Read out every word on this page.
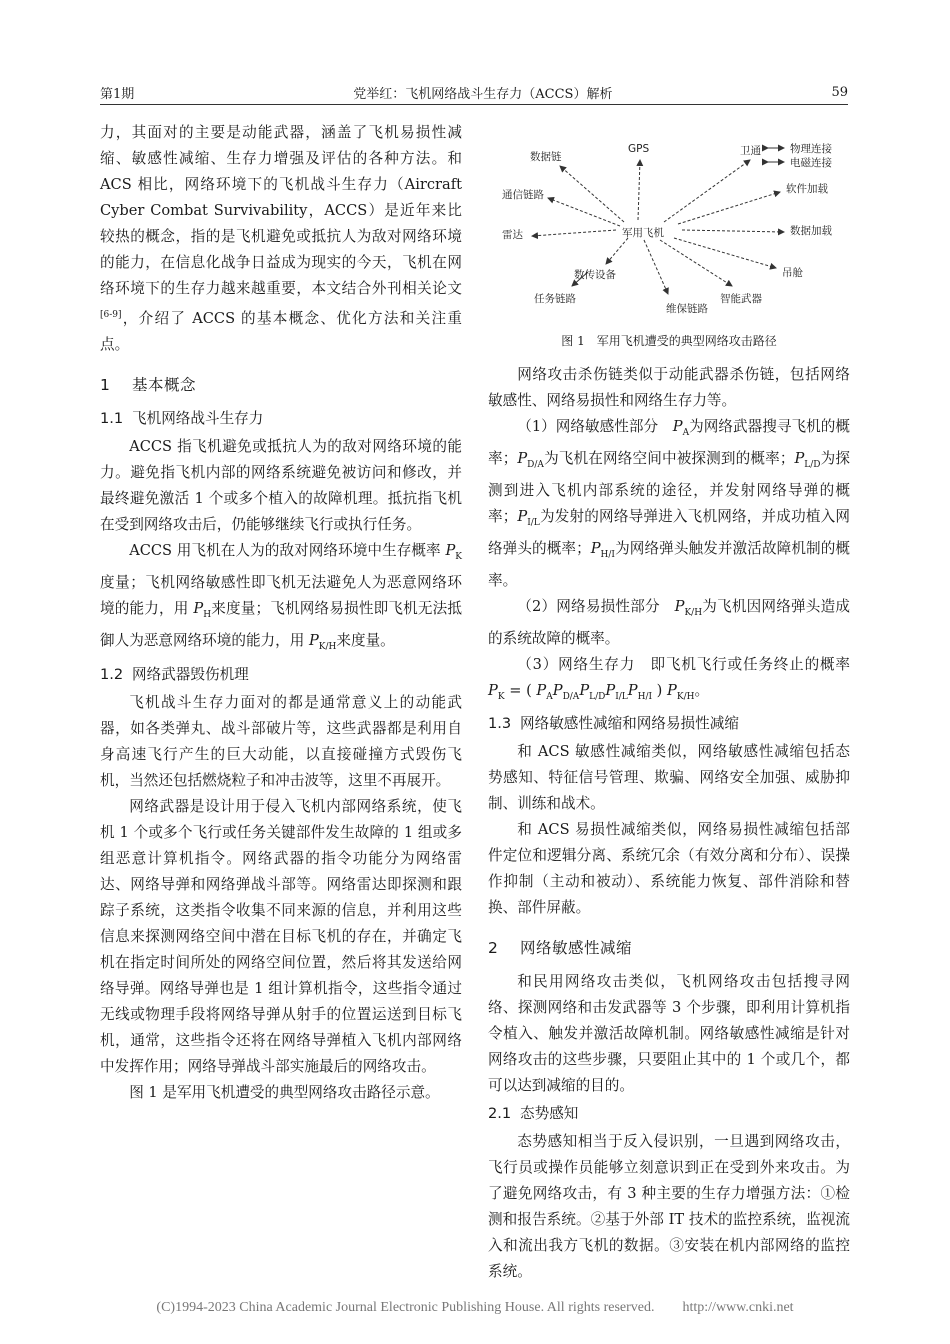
第1期	党举红：飞机网络战斗生存力（ACCS）解析	59

力，其面对的主要是动能武器，涵盖了飞机易损性减缩、敏感性减缩、生存力增强及评估的各种方法。和 ACS 相比，网络环境下的飞机战斗生存力（Aircraft Cyber Combat Survivability，ACCS）是近年来比较热的概念，指的是飞机避免或抵抗人为敌对网络环境的能力，在信息化战争日益成为现实的今天，飞机在网络环境下的生存力越来越重要，本文结合外刊相关论文[6-9]，介绍了 ACCS 的基本概念、优化方法和关注重点。

1 基本概念
1.1 飞机网络战斗生存力

ACCS 指飞机避免或抵抗人为的敌对网络环境的能力。避免指飞机内部的网络系统避免被访问和修改，并最终避免激活 1 个或多个植入的故障机理。抵抗指飞机在受到网络攻击后，仍能够继续飞行或执行任务。

ACCS 用飞机在人为的敌对网络环境中生存概率 $P_K$度量；飞机网络敏感性即飞机无法避免人为恶意网络环境的能力，用 $P_H$来度量；飞机网络易损性即飞机无法抵御人为恶意网络环境的能力，用 $P_{K/H}$来度量。

1.2 网络武器毁伤机理

飞机战斗生存力面对的都是通常意义上的动能武器，如各类弹丸、战斗部破片等，这些武器都是利用自身高速飞行产生的巨大动能，以直接碰撞方式毁伤飞机，当然还包括燃烧粒子和冲击波等，这里不再展开。

网络武器是设计用于侵入飞机内部网络系统，使飞机 1 个或多个飞行或任务关键部件发生故障的 1 组或多组恶意计算机指令。网络武器的指令功能分为网络雷达、网络导弹和网络弹战斗部等。网络雷达即探测和跟踪子系统，这类指令收集不同来源的信息，并利用这些信息来探测网络空间中潜在目标飞机的存在，并确定飞机在指定时间所处的网络空间位置，然后将其发送给网络导弹。网络导弹也是 1 组计算机指令，这些指令通过无线或物理手段将网络导弹从射手的位置运送到目标飞机，通常，这些指令还将在网络导弹植入飞机内部网络中发挥作用；网络导弹战斗部实施最后的网络攻击。

图 1 是军用飞机遭受的典型网络攻击路径示意。

军用飞机
GPS
数据链	卫通	物理连接
电磁连接
通信链路	软件加载
雷达	数据加载
数传设备	吊舱
任务链路
维保链路
智能武器
图 1　军用飞机遭受的典型网络攻击路径

网络攻击杀伤链类似于动能武器杀伤链，包括网络敏感性、网络易损性和网络生存力等。

（1）网络敏感性部分　$P_A$为网络武器搜寻飞机的概率；$P_{D/A}$为飞机在网络空间中被探测到的概率；$P_{L/D}$为探测到进入飞机内部系统的途径，并发射网络导弹的概率；$P_{I/L}$为发射的网络导弹进入飞机网络，并成功植入网络弹头的概率；$P_{H/I}$为网络弹头触发并激活故障机制的概率。

（2）网络易损性部分　$P_{K/H}$为飞机因网络弹头造成的系统故障的概率。

（3）网络生存力　即飞机飞行或任务终止的概率 $P_K$ = ( $P_AP_{D/A}P_{L/D}P_{I/L}P_{H/I}$ ) $P_{K/H}$。

1.3 网络敏感性减缩和网络易损性减缩

和 ACS 敏感性减缩类似，网络敏感性减缩包括态势感知、特征信号管理、欺骗、网络安全加强、威胁抑制、训练和战术。

和 ACS 易损性减缩类似，网络易损性减缩包括部件定位和逻辑分离、系统冗余（有效分离和分布）、误操作抑制（主动和被动）、系统能力恢复、部件消除和替换、部件屏蔽。

2 网络敏感性减缩

和民用网络攻击类似，飞机网络攻击包括搜寻网络、探测网络和击发武器等 3 个步骤，即利用计算机指令植入、触发并激活故障机制。网络敏感性减缩是针对网络攻击的这些步骤，只要阻止其中的 1 个或几个，都可以达到减缩的目的。

2.1 态势感知

态势感知相当于反入侵识别，一旦遇到网络攻击，飞行员或操作员能够立刻意识到正在受到外来攻击。为了避免网络攻击，有 3 种主要的生存力增强方法：①检测和报告系统。②基于外部 IT 技术的监控系统，监视流入和流出我方飞机的数据。③安装在机内部网络的监控系统。

(C)1994-2023 China Academic Journal Electronic Publishing House. All rights reserved.　　http://www.cnki.net
